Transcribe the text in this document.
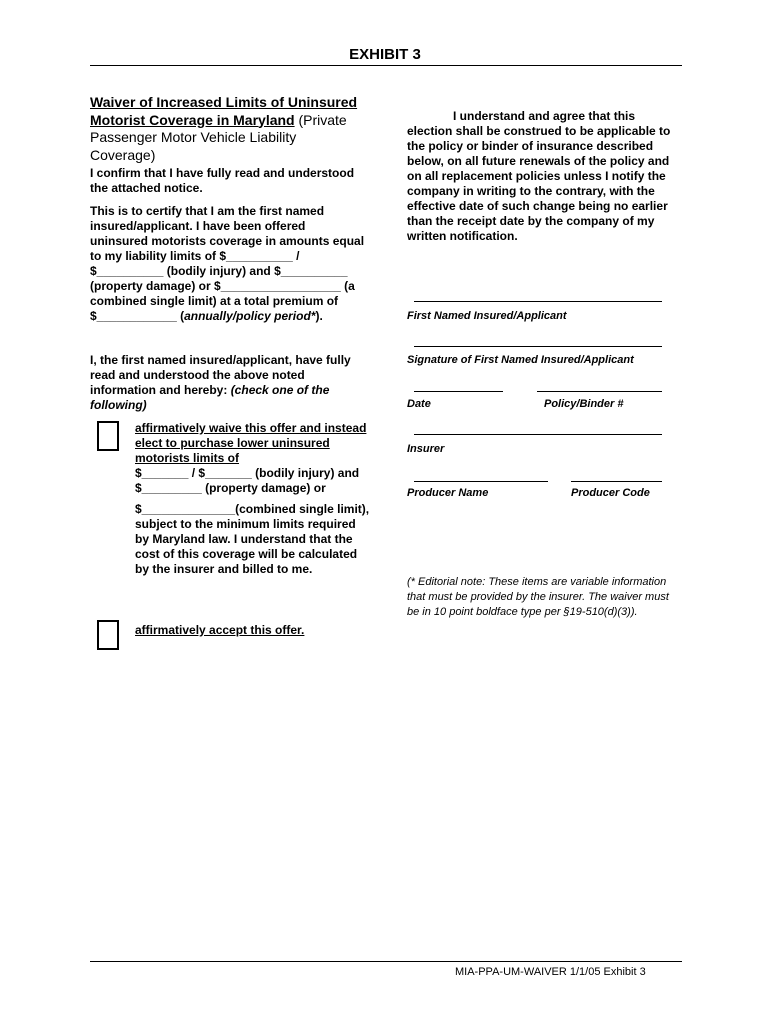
EXHIBIT 3
Waiver of Increased Limits of Uninsured Motorist Coverage in Maryland (Private Passenger Motor Vehicle Liability Coverage)
I confirm that I have fully read and understood the attached notice.
This is to certify that I am the first named insured/applicant. I have been offered uninsured motorists coverage in amounts equal to my liability limits of $__________ / $__________ (bodily injury) and $__________ (property damage) or $__________________ (a combined single limit) at a total premium of $____________ (annually/policy period*).
I, the first named insured/applicant, have fully read and understood the above noted information and hereby: (check one of the following)
affirmatively waive this offer and instead elect to purchase lower uninsured motorists limits of
$_______ / $_______ (bodily injury) and $_________ (property damage) or
$______________(combined single limit), subject to the minimum limits required by Maryland law. I understand that the cost of this coverage will be calculated by the insurer and billed to me.
affirmatively accept this offer.
I understand and agree that this election shall be construed to be applicable to the policy or binder of insurance described below, on all future renewals of the policy and on all replacement policies unless I notify the company in writing to the contrary, with the effective date of such change being no earlier than the receipt date by the company of my written notification.
First Named Insured/Applicant
Signature of First Named Insured/Applicant
Date	Policy/Binder #
Insurer
Producer Name	Producer Code
(* Editorial note: These items are variable information that must be provided by the insurer. The waiver must be in 10 point boldface type per §19-510(d)(3)).
MIA-PPA-UM-WAIVER 1/1/05 Exhibit 3
